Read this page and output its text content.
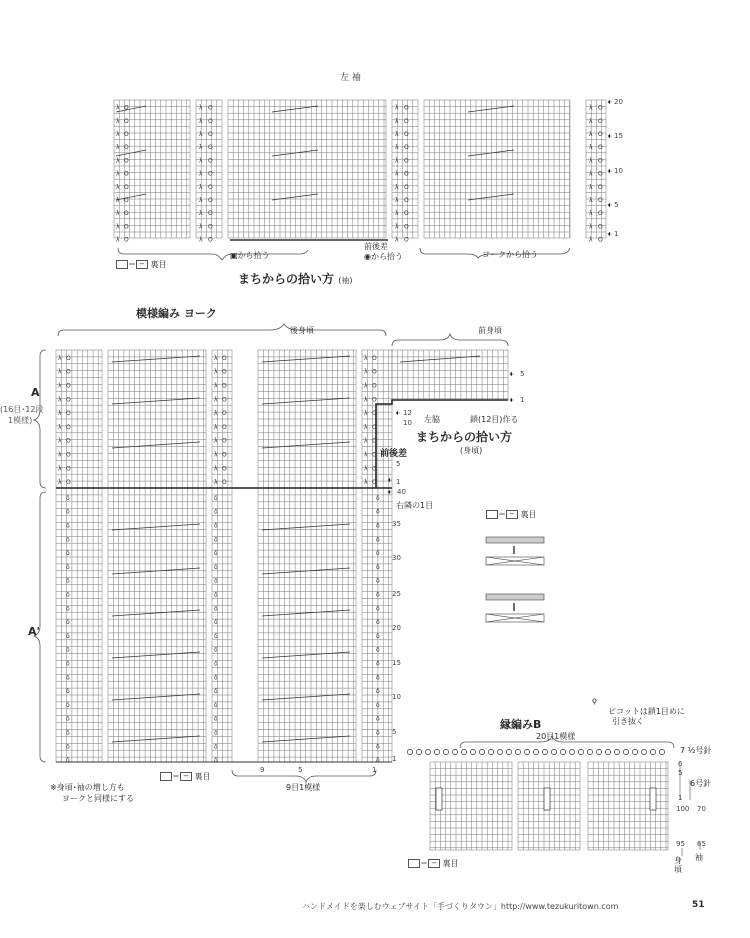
λ
λ
λ
λ
λ
λ
λ
λ
λ
λ
λ
O
O
O
O
O
O
O
O
O
O
O
λ
λ
λ
λ
λ
λ
λ
λ
λ
λ
λ
O
O
O
O
O
O
O
O
O
O
O
λ
λ
λ
λ
λ
λ
λ
λ
λ
λ
λ
O
O
O
O
O
O
O
O
O
O
O
λ
λ
λ
λ
λ
λ
λ
λ
λ
λ
λ
O
O
O
O
O
O
O
O
O
O
O
λ
λ
λ
λ
λ
λ
λ
λ
λ
λ
O
O
O
O
O
O
O
O
O
O
λ
λ
λ
λ
λ
λ
λ
λ
λ
λ
O
O
O
O
O
O
O
O
O
O
λ
λ
λ
λ
λ
λ
λ
λ
λ
λ
O
O
O
O
O
O
O
O
O
O
δ
δ
δ
δ
δ
δ
δ
δ
δ
δ
δ
δ
δ
δ
δ
δ
δ
δ
δ
δ
δ
δ
δ
δ
δ
δ
δ
δ
δ
δ
δ
δ
δ
δ
δ
δ
δ
δ
δ
δ
δ
δ
δ
δ
δ
δ
δ
δ
δ
δ
δ
δ
δ
δ
δ
δ
δ
δ
δ
δ
左 袖
20
15
10
5
1
▣から拾う
前後差
◉から拾う	ヨークから拾う
＝ − 裏目
まちからの拾い方 (袖)
模様編み ヨーク
後身頃	前身頃
A
(16目･12段
1模様)
A'
5
1
12
10
5
1
左脇	鎖(12目)作る
まちからの拾い方
(身頃)
前後差
右隣の1目
40
35
30
25
20
15
10
5
1
9	5	1
9目1模様
＝ − 裏目
※身頃･袖の増し方も
ヨークと同様にする
＝ − 裏目
‖
‖
ϙ
ピコットは鎖1目めに
引き抜く
縁編みB
20目1模様
7 ½号針
6
5
1
6号針
100 70
95 65
身頃
袖
＝ − 裏目
ハンドメイドを楽しむウェブサイト「手づくりタウン」http://www.tezukuritown.com	51
